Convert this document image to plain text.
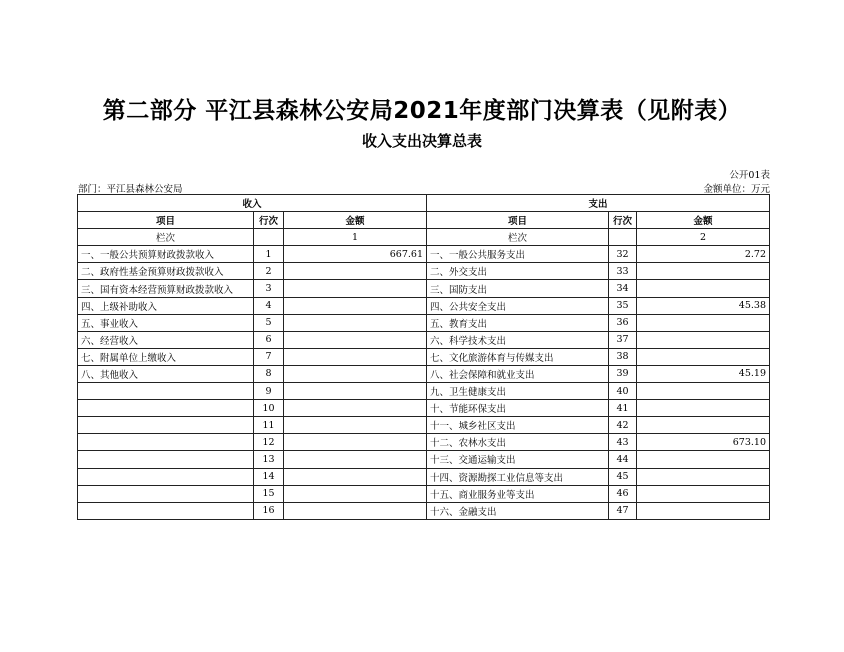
第二部分 平江县森林公安局2021年度部门决算表（见附表）
收入支出决算总表
公开01表
部门：平江县森林公安局	金额单位：万元
收入			支出		
项目	行次	金额	项目	行次	金额
栏次		1	栏次		2
一、一般公共预算财政拨款收入	1	667.61	一、一般公共服务支出	32	2.72
二、政府性基金预算财政拨款收入	2		二、外交支出	33	
三、国有资本经营预算财政拨款收入	3		三、国防支出	34	
四、上级补助收入	4		四、公共安全支出	35	45.38
五、事业收入	5		五、教育支出	36	
六、经营收入	6		六、科学技术支出	37	
七、附属单位上缴收入	7		七、文化旅游体育与传媒支出	38	
八、其他收入	8		八、社会保障和就业支出	39	45.19
	9		九、卫生健康支出	40	
	10		十、节能环保支出	41	
	11		十一、城乡社区支出	42	
	12		十二、农林水支出	43	673.10
	13		十三、交通运输支出	44	
	14		十四、资源勘探工业信息等支出	45	
	15		十五、商业服务业等支出	46	
	16		十六、金融支出	47	
